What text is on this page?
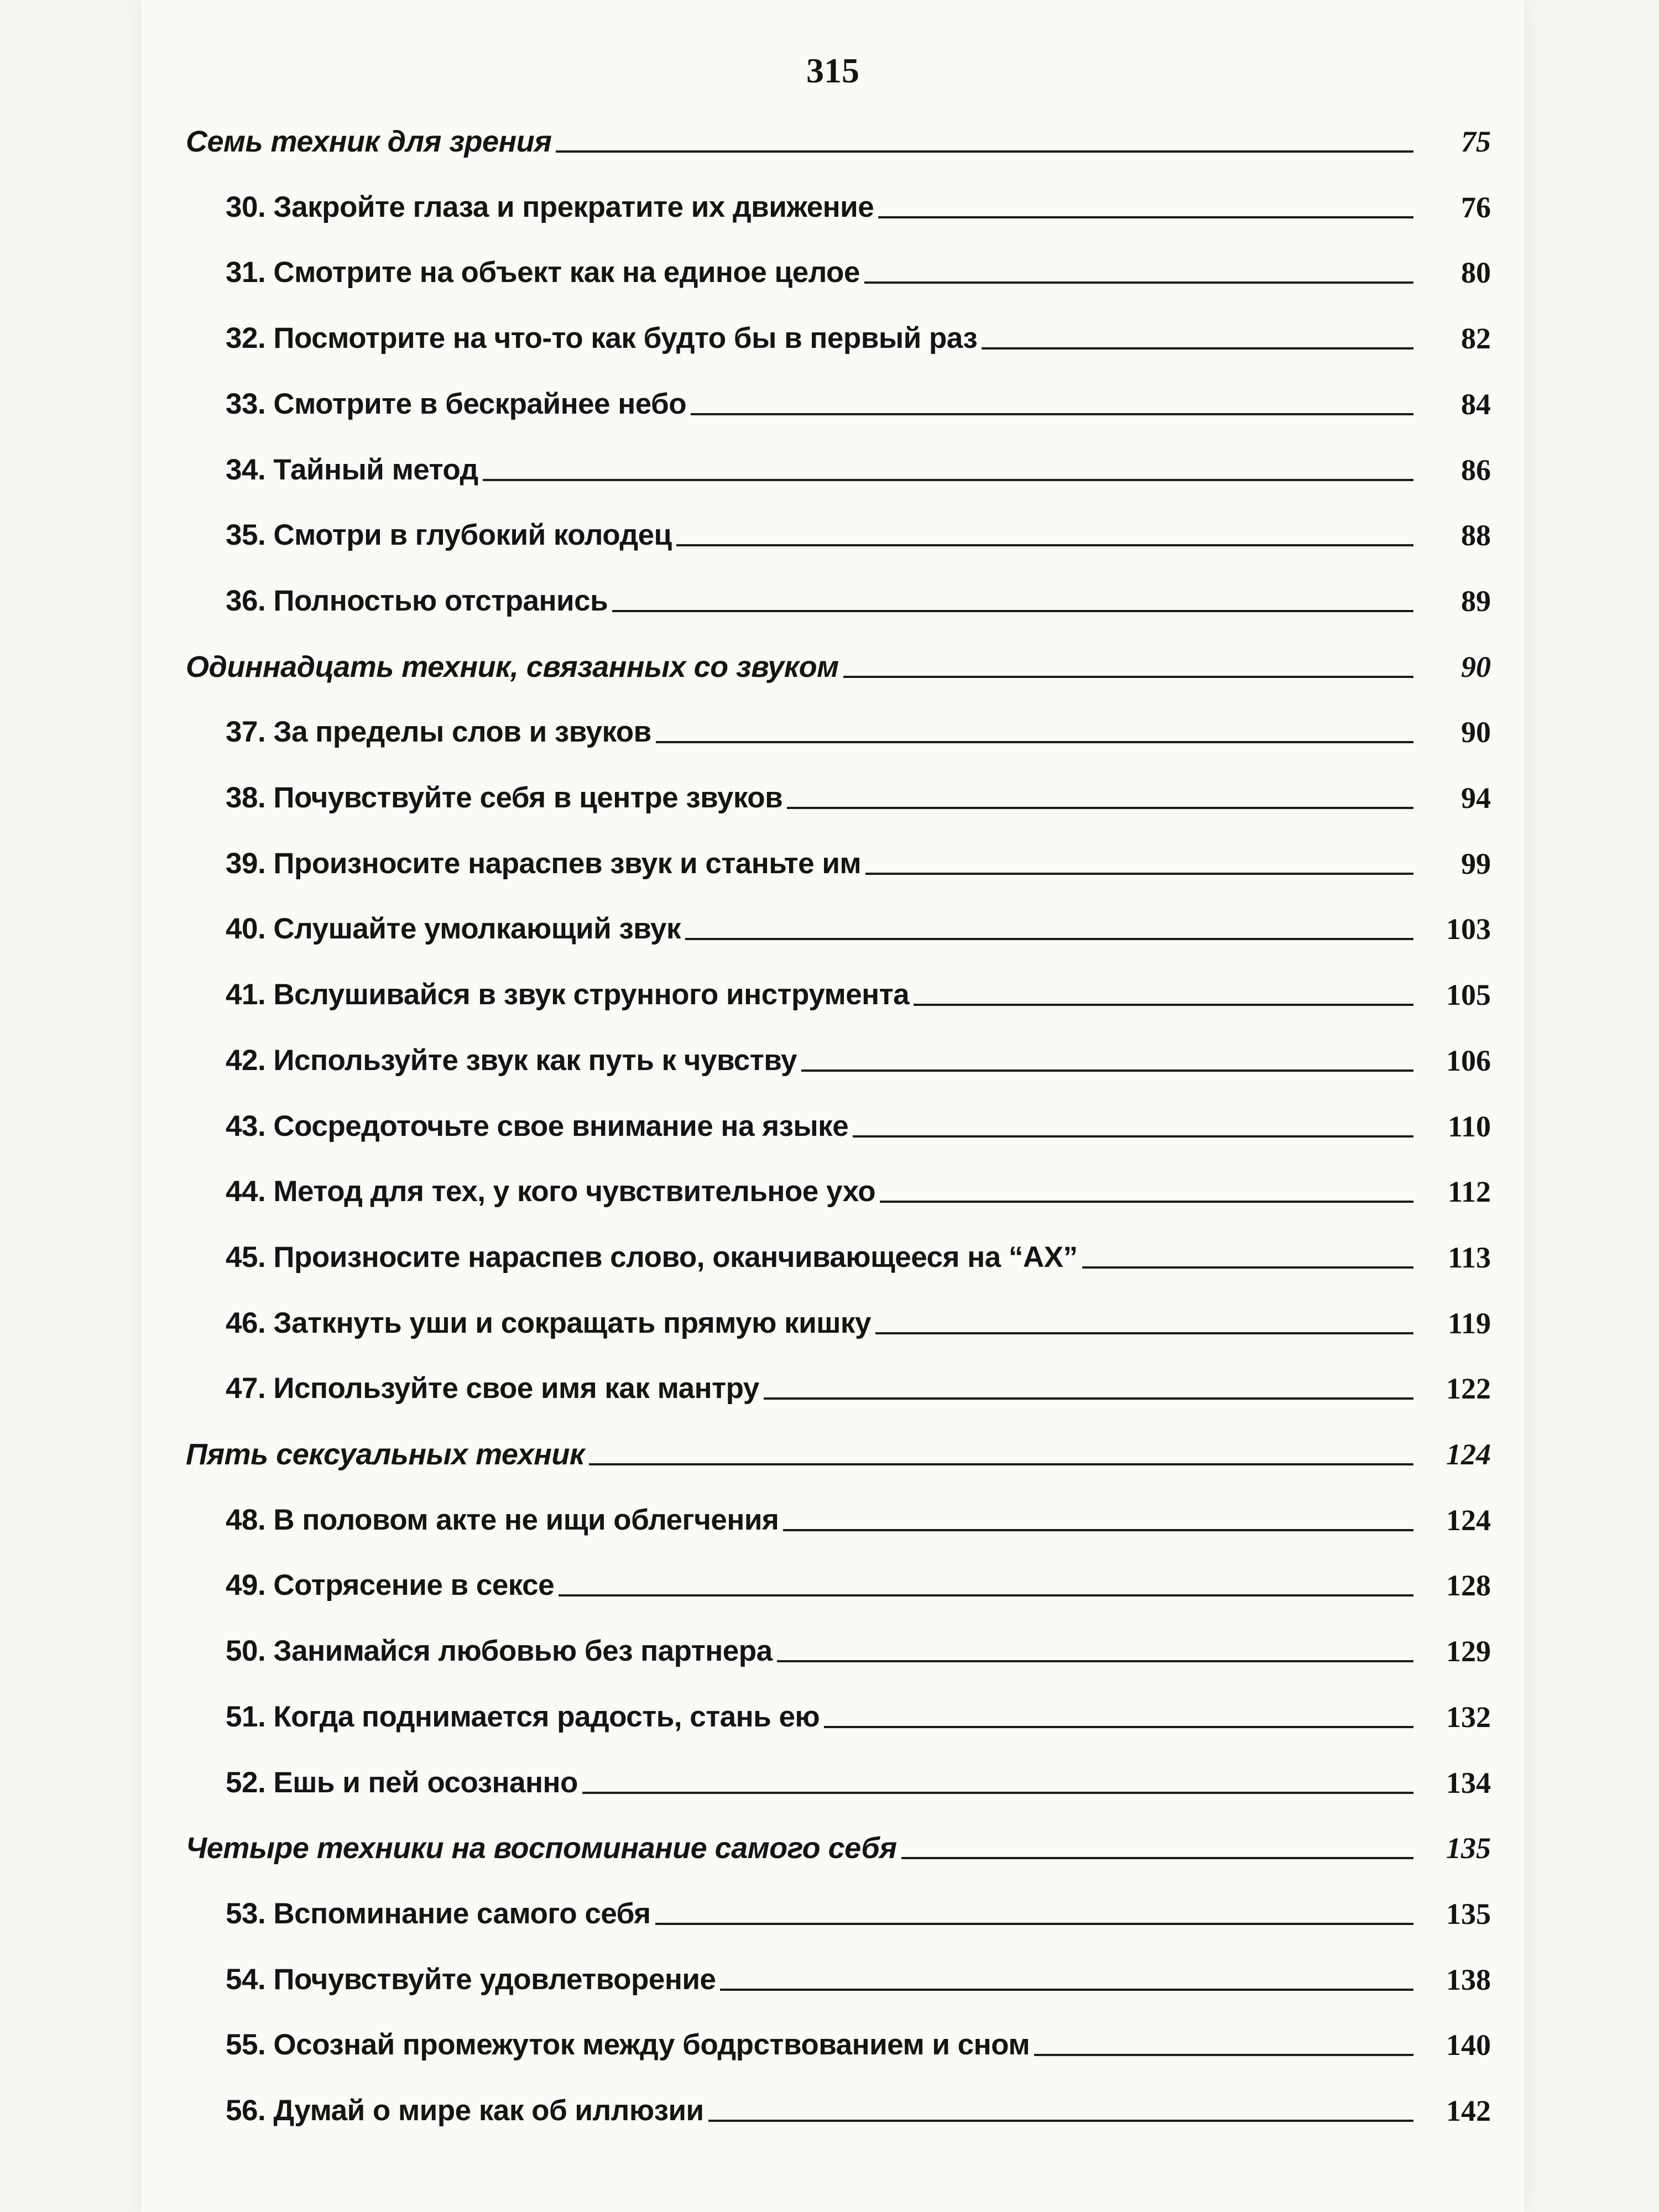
315
Семь техник для зрения	75
30. Закройте глаза и прекратите их движение	76
31. Смотрите на объект как на единое целое	80
32. Посмотрите на что-то как будто бы в первый раз	82
33. Смотрите в бескрайнее небо	84
34. Тайный метод	86
35. Смотри в глубокий колодец	88
36. Полностью отстранись	89
Одиннадцать техник, связанных со звуком	90
37. За пределы слов и звуков	90
38. Почувствуйте себя в центре звуков	94
39. Произносите нараспев звук и станьте им	99
40. Слушайте умолкающий звук	103
41. Вслушивайся в звук струнного инструмента	105
42. Используйте звук как путь к чувству	106
43. Сосредоточьте свое внимание на языке	110
44. Метод для тех, у кого чувствительное ухо	112
45. Произносите нараспев слово, оканчивающееся на “АХ”	113
46. Заткнуть уши и сокращать прямую кишку	119
47. Используйте свое имя как мантру	122
Пять сексуальных техник	124
48. В половом акте не ищи облегчения	124
49. Сотрясение в сексе	128
50. Занимайся любовью без партнера	129
51. Когда поднимается радость, стань ею	132
52. Ешь и пей осознанно	134
Четыре техники на воспоминание самого себя	135
53. Вспоминание самого себя	135
54. Почувствуйте удовлетворение	138
55. Осознай промежуток между бодрствованием и сном	140
56. Думай о мире как об иллюзии	142
